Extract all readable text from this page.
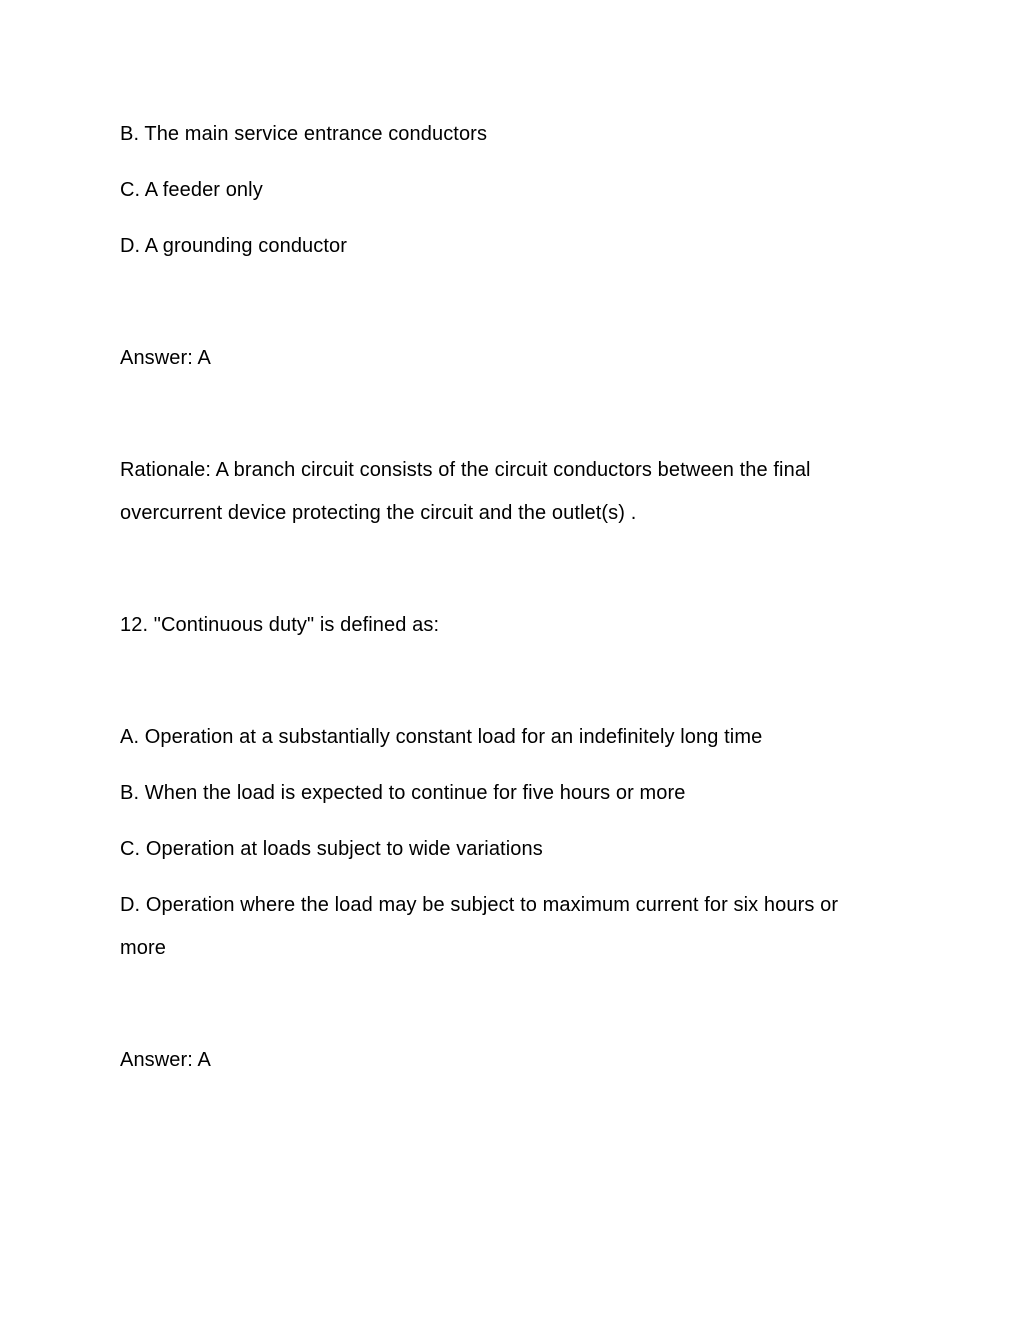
B. The main service entrance conductors
C. A feeder only
D. A grounding conductor
Answer: A
Rationale: A branch circuit consists of the circuit conductors between the final
overcurrent device protecting the circuit and the outlet(s) .
12. "Continuous duty" is defined as:
A. Operation at a substantially constant load for an indefinitely long time
B. When the load is expected to continue for five hours or more
C. Operation at loads subject to wide variations
D. Operation where the load may be subject to maximum current for six hours or
more
Answer: A
